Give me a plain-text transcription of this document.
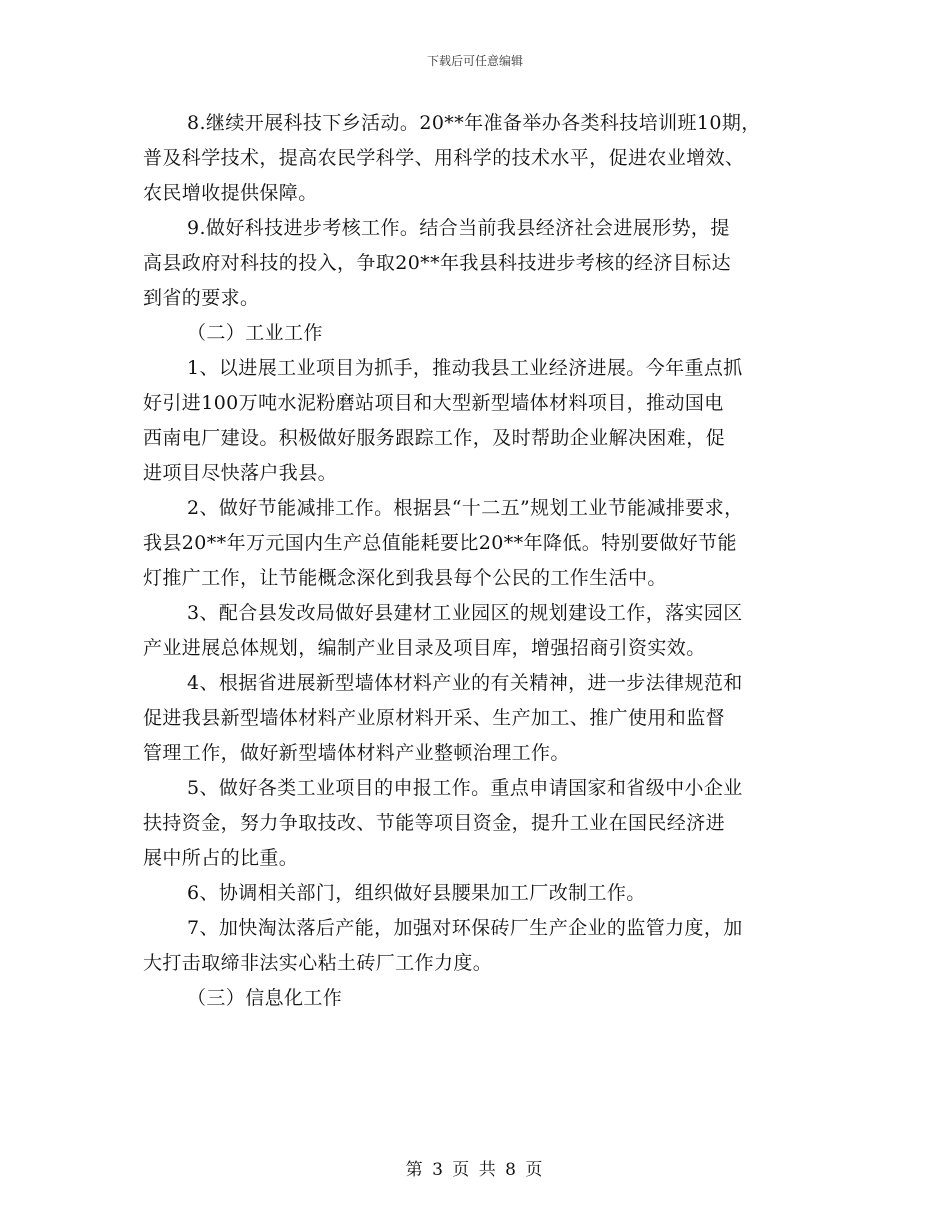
下载后可任意编辑
8.继续开展科技下乡活动。20**年准备举办各类科技培训班10期，
普及科学技术，提高农民学科学、用科学的技术水平，促进农业增效、
农民增收提供保障。
9.做好科技进步考核工作。结合当前我县经济社会进展形势，提
高县政府对科技的投入，争取20**年我县科技进步考核的经济目标达
到省的要求。
（二）工业工作
1、以进展工业项目为抓手，推动我县工业经济进展。今年重点抓
好引进100万吨水泥粉磨站项目和大型新型墙体材料项目，推动国电
西南电厂建设。积极做好服务跟踪工作，及时帮助企业解决困难，促
进项目尽快落户我县。
2、做好节能减排工作。根据县“十二五”规划工业节能减排要求，
我县20**年万元国内生产总值能耗要比20**年降低。特别要做好节能
灯推广工作，让节能概念深化到我县每个公民的工作生活中。
3、配合县发改局做好县建材工业园区的规划建设工作，落实园区
产业进展总体规划，编制产业目录及项目库，增强招商引资实效。
4、根据省进展新型墙体材料产业的有关精神，进一步法律规范和
促进我县新型墙体材料产业原材料开采、生产加工、推广使用和监督
管理工作，做好新型墙体材料产业整顿治理工作。
5、做好各类工业项目的申报工作。重点申请国家和省级中小企业
扶持资金，努力争取技改、节能等项目资金，提升工业在国民经济进
展中所占的比重。
6、协调相关部门，组织做好县腰果加工厂改制工作。
7、加快淘汰落后产能，加强对环保砖厂生产企业的监管力度，加
大打击取缔非法实心粘土砖厂工作力度。
（三）信息化工作
第 3 页 共 8 页
